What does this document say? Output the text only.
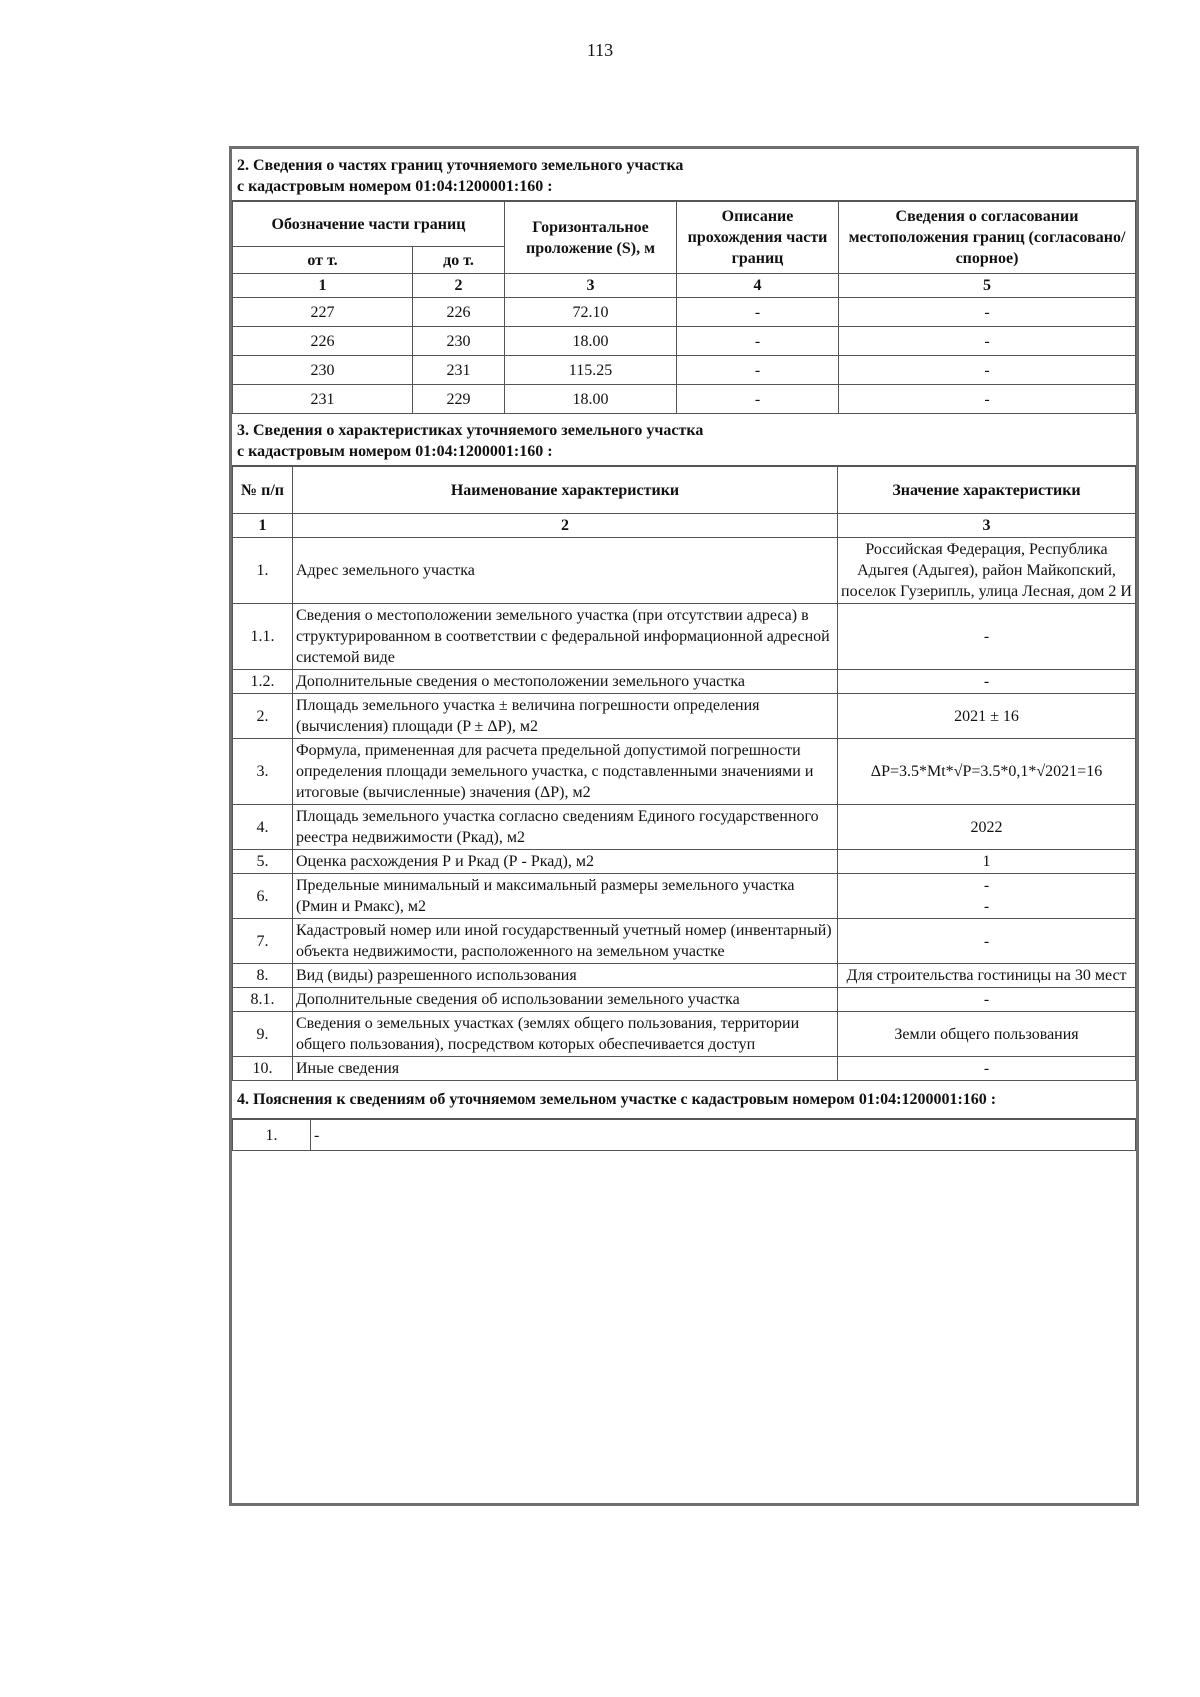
113
2. Сведения о частях границ уточняемого земельного участка
с кадастровым номером 01:04:1200001:160 :
Обозначение части границ		Горизонтальное проложение (S), м	Описание прохождения части границ	Сведения о согласовании местоположения границ (согласовано/спорное)
от т.	до т.			
1	2	3	4	5
227	226	72.10	-	-
226	230	18.00	-	-
230	231	115.25	-	-
231	229	18.00	-	-
3. Сведения о характеристиках уточняемого земельного участка
с кадастровым номером 01:04:1200001:160 :
№ п/п	Наименование характеристики	Значение характеристики
1	2	3
1.	Адрес земельного участка	Российская Федерация, Республика Адыгея (Адыгея), район Майкопский, поселок Гузерипль, улица Лесная, дом 2 И
1.1.	Сведения о местоположении земельного участка (при отсутствии адреса) в структурированном в соответствии с федеральной информационной адресной системой виде	-
1.2.	Дополнительные сведения о местоположении земельного участка	-
2.	Площадь земельного участка ± величина погрешности определения (вычисления) площади (P ± ΔP), м2	2021 ± 16
3.	Формула, примененная для расчета предельной допустимой погрешности определения площади земельного участка, с подставленными значениями и итоговые (вычисленные) значения (ΔP), м2	ΔP=3.5*Mt*√P=3.5*0,1*√2021=16
4.	Площадь земельного участка согласно сведениям Единого государственного реестра недвижимости (Ркад), м2	2022
5.	Оценка расхождения Р и Ркад (Р - Ркад), м2	1
6.	Предельные минимальный и максимальный размеры земельного участка (Рмин и Рмакс), м2	-
-

7.	Кадастровый номер или иной государственный учетный номер (инвентарный) объекта недвижимости, расположенного на земельном участке	-
8.	Вид (виды) разрешенного использования	Для строительства гостиницы на 30 мест
8.1.	Дополнительные сведения об использовании земельного участка	-
9.	Сведения о земельных участках (землях общего пользования, территории общего пользования), посредством которых обеспечивается доступ	Земли общего пользования
10.	Иные сведения	-
4. Пояснения к сведениям об уточняемом земельном участке с кадастровым номером 01:04:1200001:160 :
1.	-
